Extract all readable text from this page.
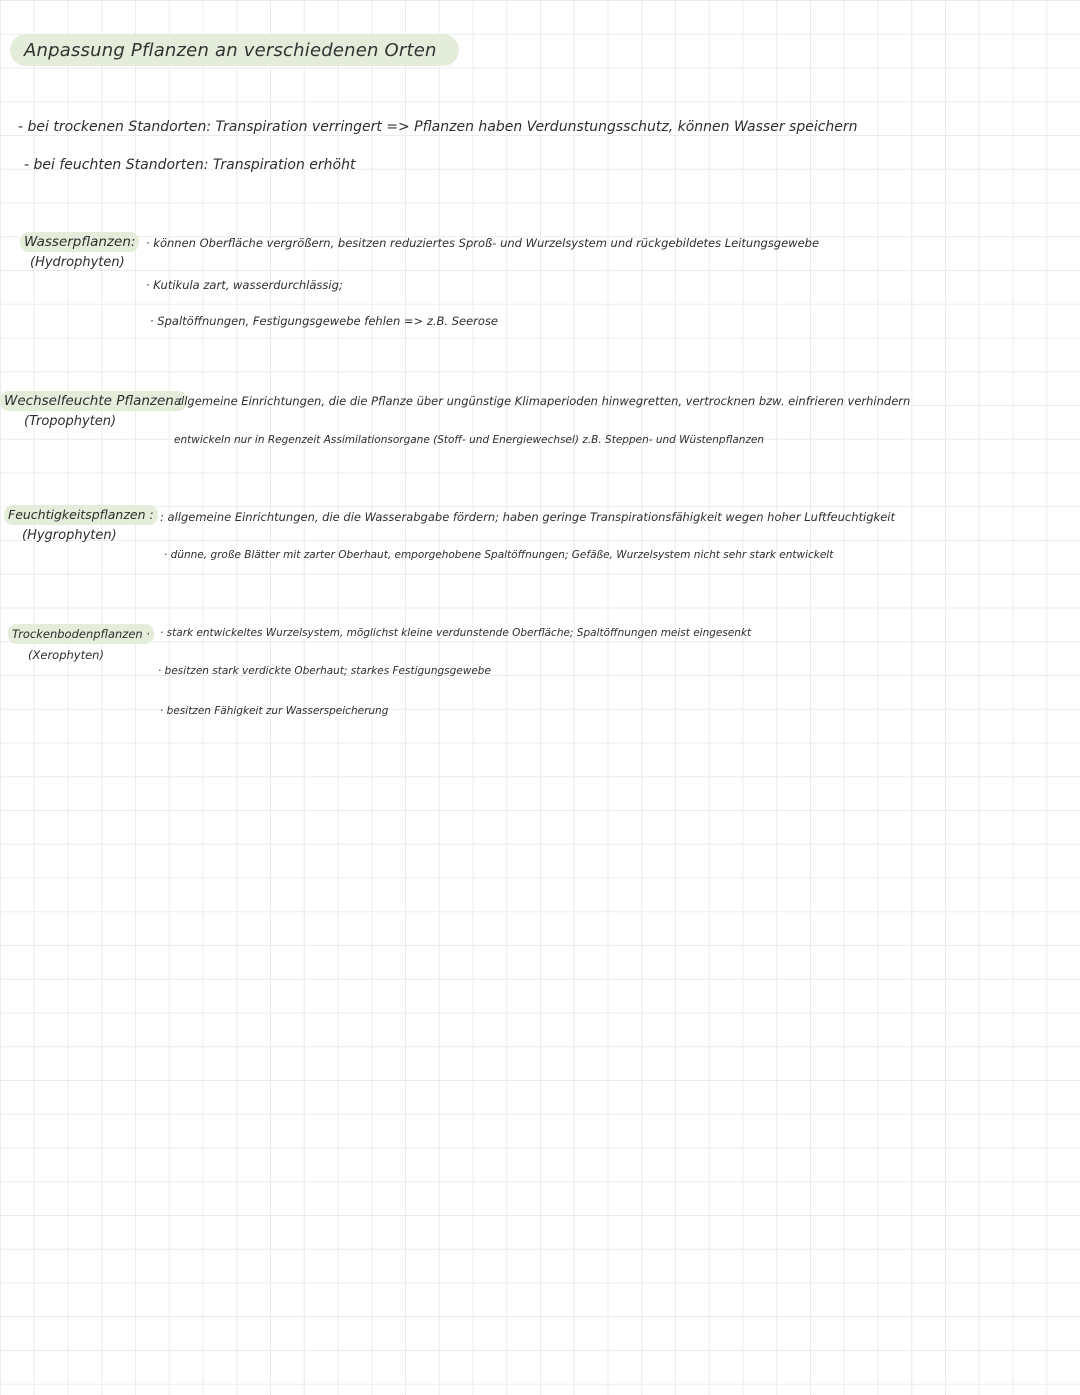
Anpassung Pflanzen an verschiedenen Orten
- bei trockenen Standorten: Transpiration verringert => Pflanzen haben Verdunstungsschutz, können Wasser speichern
- bei feuchten Standorten: Transpiration erhöht
Wasserpflanzen:
(Hydrophyten)
· können Oberfläche vergrößern, besitzen reduziertes Sproß- und Wurzelsystem und rückgebildetes Leitungsgewebe
· Kutikula zart, wasserdurchlässig;
· Spaltöffnungen, Festigungsgewebe fehlen => z.B. Seerose
Wechselfeuchte Pflanzen :
(Tropophyten)
allgemeine Einrichtungen, die die Pflanze über ungünstige Klimaperioden hinwegretten, vertrocknen bzw. einfrieren verhindern
entwickeln nur in Regenzeit Assimilationsorgane (Stoff- und Energiewechsel) z.B. Steppen- und Wüstenpflanzen
Feuchtigkeitspflanzen :
(Hygrophyten)
: allgemeine Einrichtungen, die die Wasserabgabe fördern; haben geringe Transpirationsfähigkeit wegen hoher Luftfeuchtigkeit
· dünne, große Blätter mit zarter Oberhaut, emporgehobene Spaltöffnungen; Gefäße, Wurzelsystem nicht sehr stark entwickelt
Trockenbodenpflanzen ·
(Xerophyten)
· stark entwickeltes Wurzelsystem, möglichst kleine verdunstende Oberfläche; Spaltöffnungen meist eingesenkt
· besitzen stark verdickte Oberhaut; starkes Festigungsgewebe
· besitzen Fähigkeit zur Wasserspeicherung
